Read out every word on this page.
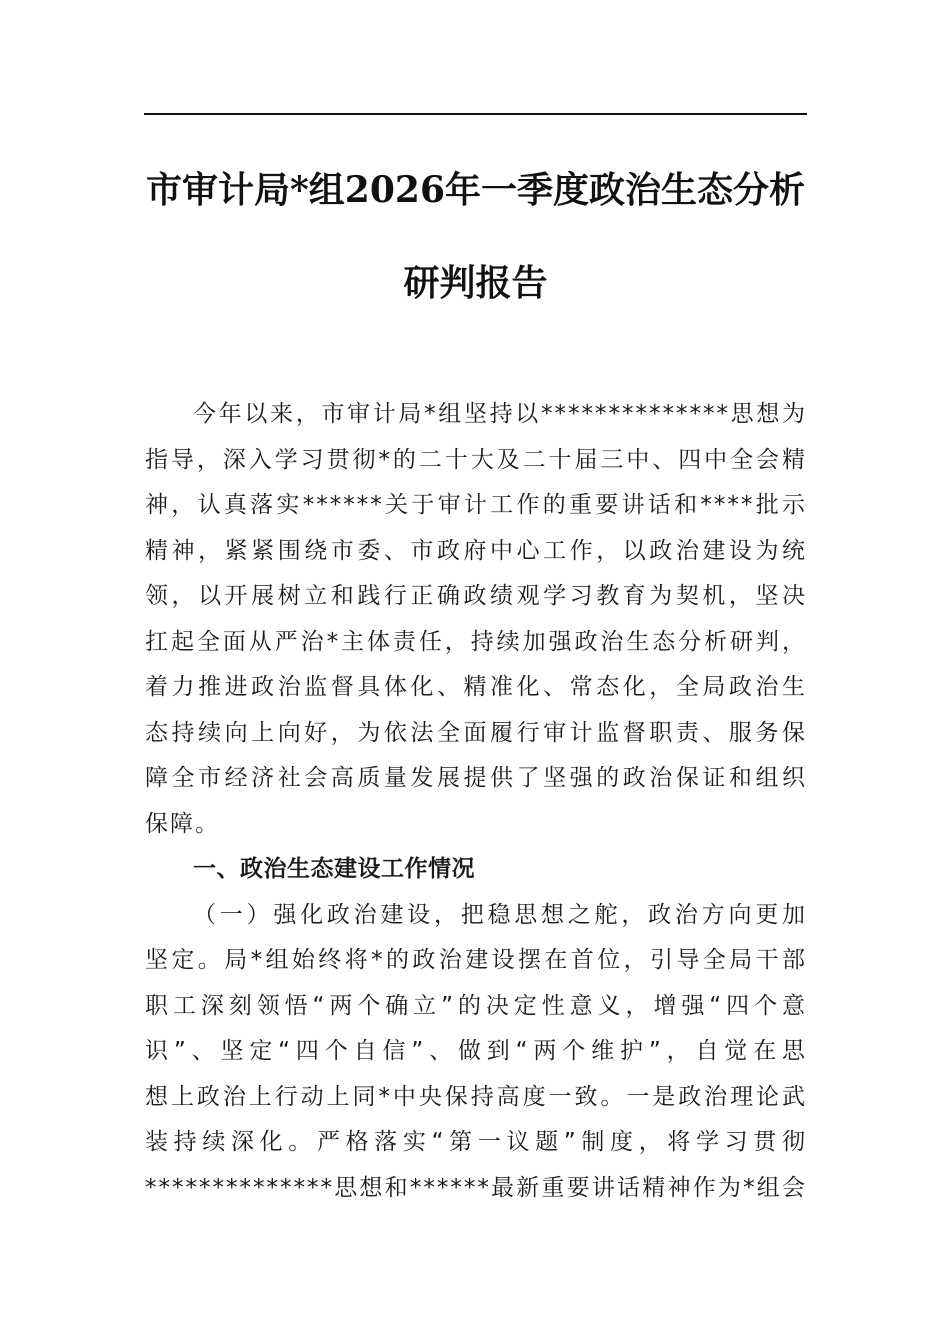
市审计局*组2026年一季度政治生态分析
研判报告
今年以来，市审计局*组坚持以**************思想为
指导，深入学习贯彻*的二十大及二十届三中、四中全会精
神，认真落实******关于审计工作的重要讲话和****批示
精神，紧紧围绕市委、市政府中心工作，以政治建设为统
领，以开展树立和践行正确政绩观学习教育为契机，坚决
扛起全面从严治*主体责任，持续加强政治生态分析研判，
着力推进政治监督具体化、精准化、常态化，全局政治生
态持续向上向好，为依法全面履行审计监督职责、服务保
障全市经济社会高质量发展提供了坚强的政治保证和组织
保障。
一、政治生态建设工作情况
（一）强化政治建设，把稳思想之舵，政治方向更加
坚定。局*组始终将*的政治建设摆在首位，引导全局干部
职工深刻领悟“两个确立”的决定性意义，增强“四个意
识”、坚定“四个自信”、做到“两个维护”，自觉在思
想上政治上行动上同*中央保持高度一致。一是政治理论武
装持续深化。严格落实“第一议题”制度，将学习贯彻
**************思想和******最新重要讲话精神作为*组会
